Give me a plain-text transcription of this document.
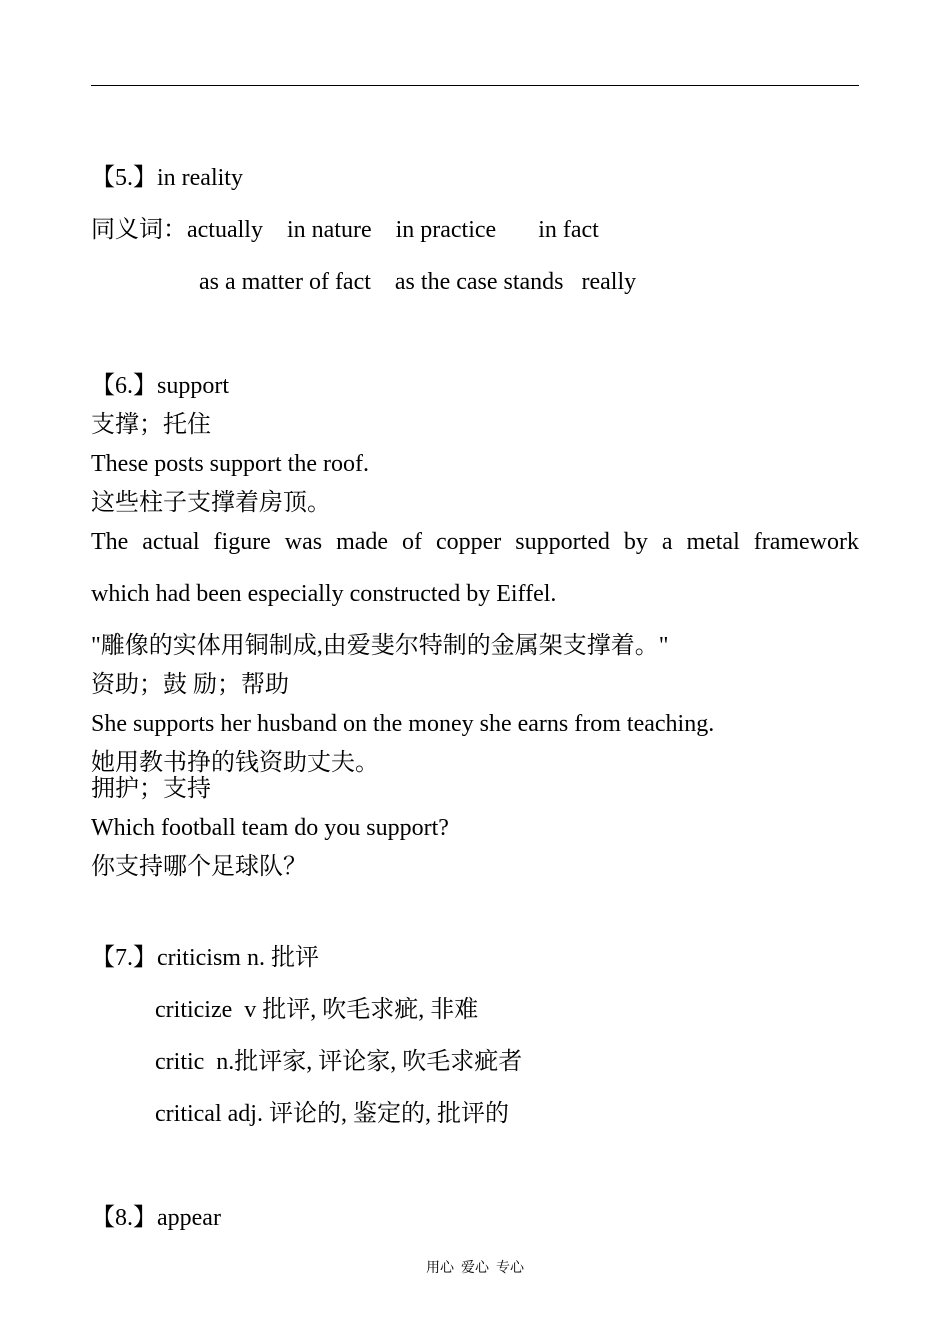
【5.】in reality
同义词：actually    in nature    in practice       in fact
as a matter of fact    as the case stands   really
【6.】support
支撑；托住
These posts support the roof.
这些柱子支撑着房顶。
The actual figure was made of copper supported by a metal framework
which had been especially constructed by Eiffel.
"雕像的实体用铜制成,由爱斐尔特制的金属架支撑着。"
资助；鼓 励；帮助
She supports her husband on the money she earns from teaching.
她用教书挣的钱资助丈夫。
拥护；支持
Which football team do you support?
你支持哪个足球队？
【7.】criticism n. 批评
criticize  v 批评, 吹毛求疵, 非难
critic  n.批评家, 评论家, 吹毛求疵者
critical adj. 评论的, 鉴定的, 批评的
【8.】appear
用心  爱心  专心
